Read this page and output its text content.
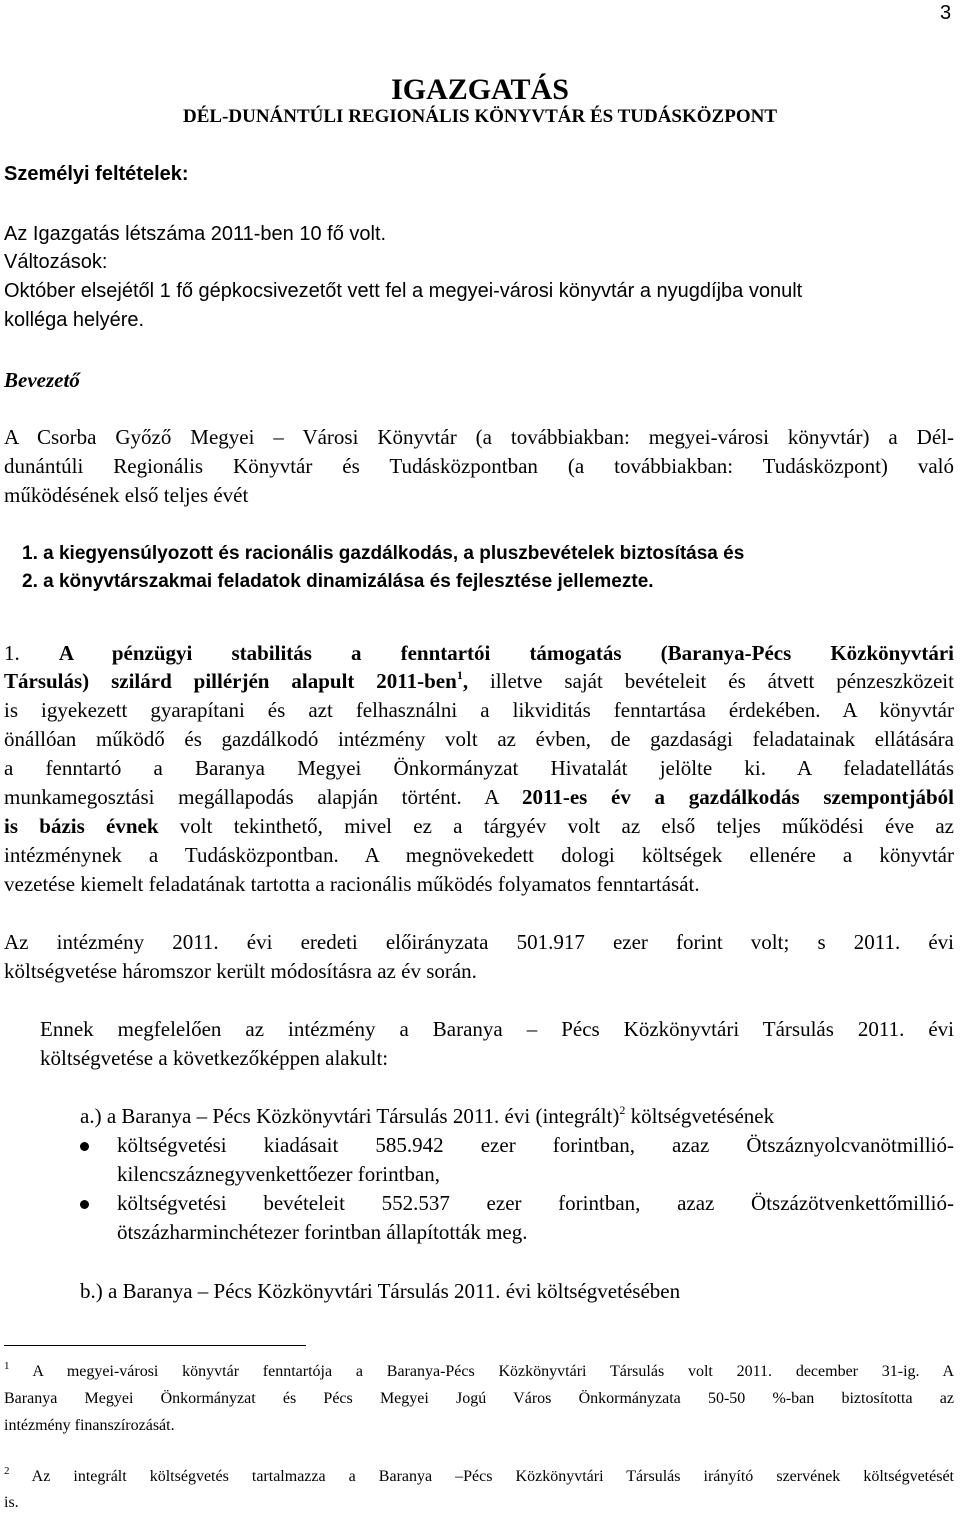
3
IGAZGATÁS
DÉL-DUNÁNTÚLI REGIONÁLIS KÖNYVTÁR ÉS TUDÁSKÖZPONT
Személyi feltételek:
Az Igazgatás létszáma 2011-ben 10 fő volt.
Változások:
Október elsejétől 1 fő gépkocsivezetőt vett fel a megyei-városi könyvtár a nyugdíjba vonult
kolléga helyére.
Bevezető
A Csorba Győző Megyei – Városi Könyvtár (a továbbiakban: megyei-városi könyvtár) a Dél-
dunántúli Regionális Könyvtár és Tudásközpontban (a továbbiakban: Tudásközpont) való
működésének első teljes évét
1. a kiegyensúlyozott és racionális gazdálkodás, a pluszbevételek biztosítása és
2. a könyvtárszakmai feladatok dinamizálása és fejlesztése jellemezte.
1. A pénzügyi stabilitás a fenntartói támogatás (Baranya-Pécs Közkönyvtári
Társulás) szilárd pillérjén alapult 2011-ben$^1$, illetve saját bevételeit és átvett pénzeszközeit
is igyekezett gyarapítani és azt felhasználni a likviditás fenntartása érdekében. A könyvtár
önállóan működő és gazdálkodó intézmény volt az évben, de gazdasági feladatainak ellátására
a fenntartó a Baranya Megyei Önkormányzat Hivatalát jelölte ki. A feladatellátás
munkamegosztási megállapodás alapján történt. A 2011-es év a gazdálkodás szempontjából
is bázis évnek volt tekinthető, mivel ez a tárgyév volt az első teljes működési éve az
intézménynek a Tudásközpontban. A megnövekedett dologi költségek ellenére a könyvtár
vezetése kiemelt feladatának tartotta a racionális működés folyamatos fenntartását.
Az intézmény 2011. évi eredeti előirányzata 501.917 ezer forint volt; s 2011. évi
költségvetése háromszor került módosításra az év során.
Ennek megfelelően az intézmény a Baranya – Pécs Közkönyvtári Társulás 2011. évi
költségvetése a következőképpen alakult:
a.) a Baranya – Pécs Közkönyvtári Társulás 2011. évi (integrált)$^2$ költségvetésének
költségvetési kiadásait 585.942 ezer forintban, azaz Ötszáznyolcvanötmillió-
kilencszáznegyvenkettőezer forintban,
költségvetési bevételeit 552.537 ezer forintban, azaz Ötszázötvenkettőmillió-
ötszázharminchétezer forintban állapították meg.
b.) a Baranya – Pécs Közkönyvtári Társulás 2011. évi költségvetésében
$^1$ A megyei-városi könyvtár fenntartója a Baranya-Pécs Közkönyvtári Társulás volt 2011. december 31-ig. A
Baranya Megyei Önkormányzat és Pécs Megyei Jogú Város Önkormányzata 50-50 %-ban biztosította az
intézmény finanszírozását.
$^2$ Az integrált költségvetés tartalmazza a Baranya –Pécs Közkönyvtári Társulás irányító szervének költségvetését
is.
